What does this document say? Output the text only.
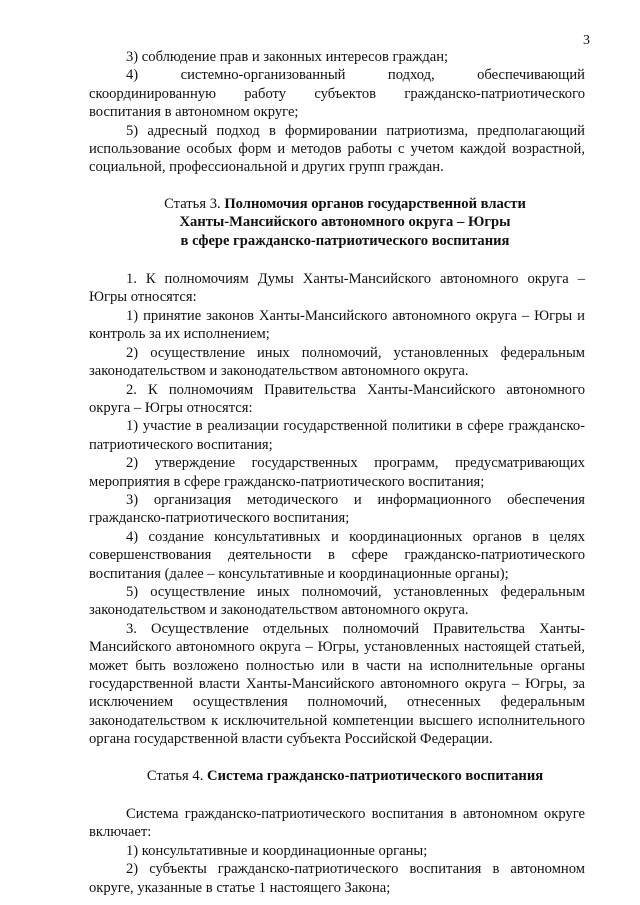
3

3) соблюдение прав и законных интересов граждан;

4) системно-организованный подход, обеспечивающий скоординированную работу субъектов гражданско-патриотического воспитания в автономном округе;

5) адресный подход в формировании патриотизма, предполагающий использование особых форм и методов работы с учетом каждой возрастной, социальной, профессиональной и других групп граждан.

Статья 3. Полномочия органов государственной власти
Ханты-Мансийского автономного округа – Югры
в сфере гражданско-патриотического воспитания

1. К полномочиям Думы Ханты-Мансийского автономного округа – Югры относятся:

1) принятие законов Ханты-Мансийского автономного округа – Югры и контроль за их исполнением;

2) осуществление иных полномочий, установленных федеральным законодательством и законодательством автономного округа.

2. К полномочиям Правительства Ханты-Мансийского автономного округа – Югры относятся:

1) участие в реализации государственной политики в сфере гражданско-патриотического воспитания;

2) утверждение государственных программ, предусматривающих мероприятия в сфере гражданско-патриотического воспитания;

3) организация методического и информационного обеспечения гражданско-патриотического воспитания;

4) создание консультативных и координационных органов в целях совершенствования деятельности в сфере гражданско-патриотического воспитания (далее – консультативные и координационные органы);

5) осуществление иных полномочий, установленных федеральным законодательством и законодательством автономного округа.

3. Осуществление отдельных полномочий Правительства Ханты-Мансийского автономного округа – Югры, установленных настоящей статьей, может быть возложено полностью или в части на исполнительные органы государственной власти Ханты-Мансийского автономного округа – Югры, за исключением осуществления полномочий, отнесенных федеральным законодательством к исключительной компетенции высшего исполнительного органа государственной власти субъекта Российской Федерации.

Статья 4. Система гражданско-патриотического воспитания

Система гражданско-патриотического воспитания в автономном округе включает:

1) консультативные и координационные органы;

2) субъекты гражданско-патриотического воспитания в автономном округе, указанные в статье 1 настоящего Закона;
